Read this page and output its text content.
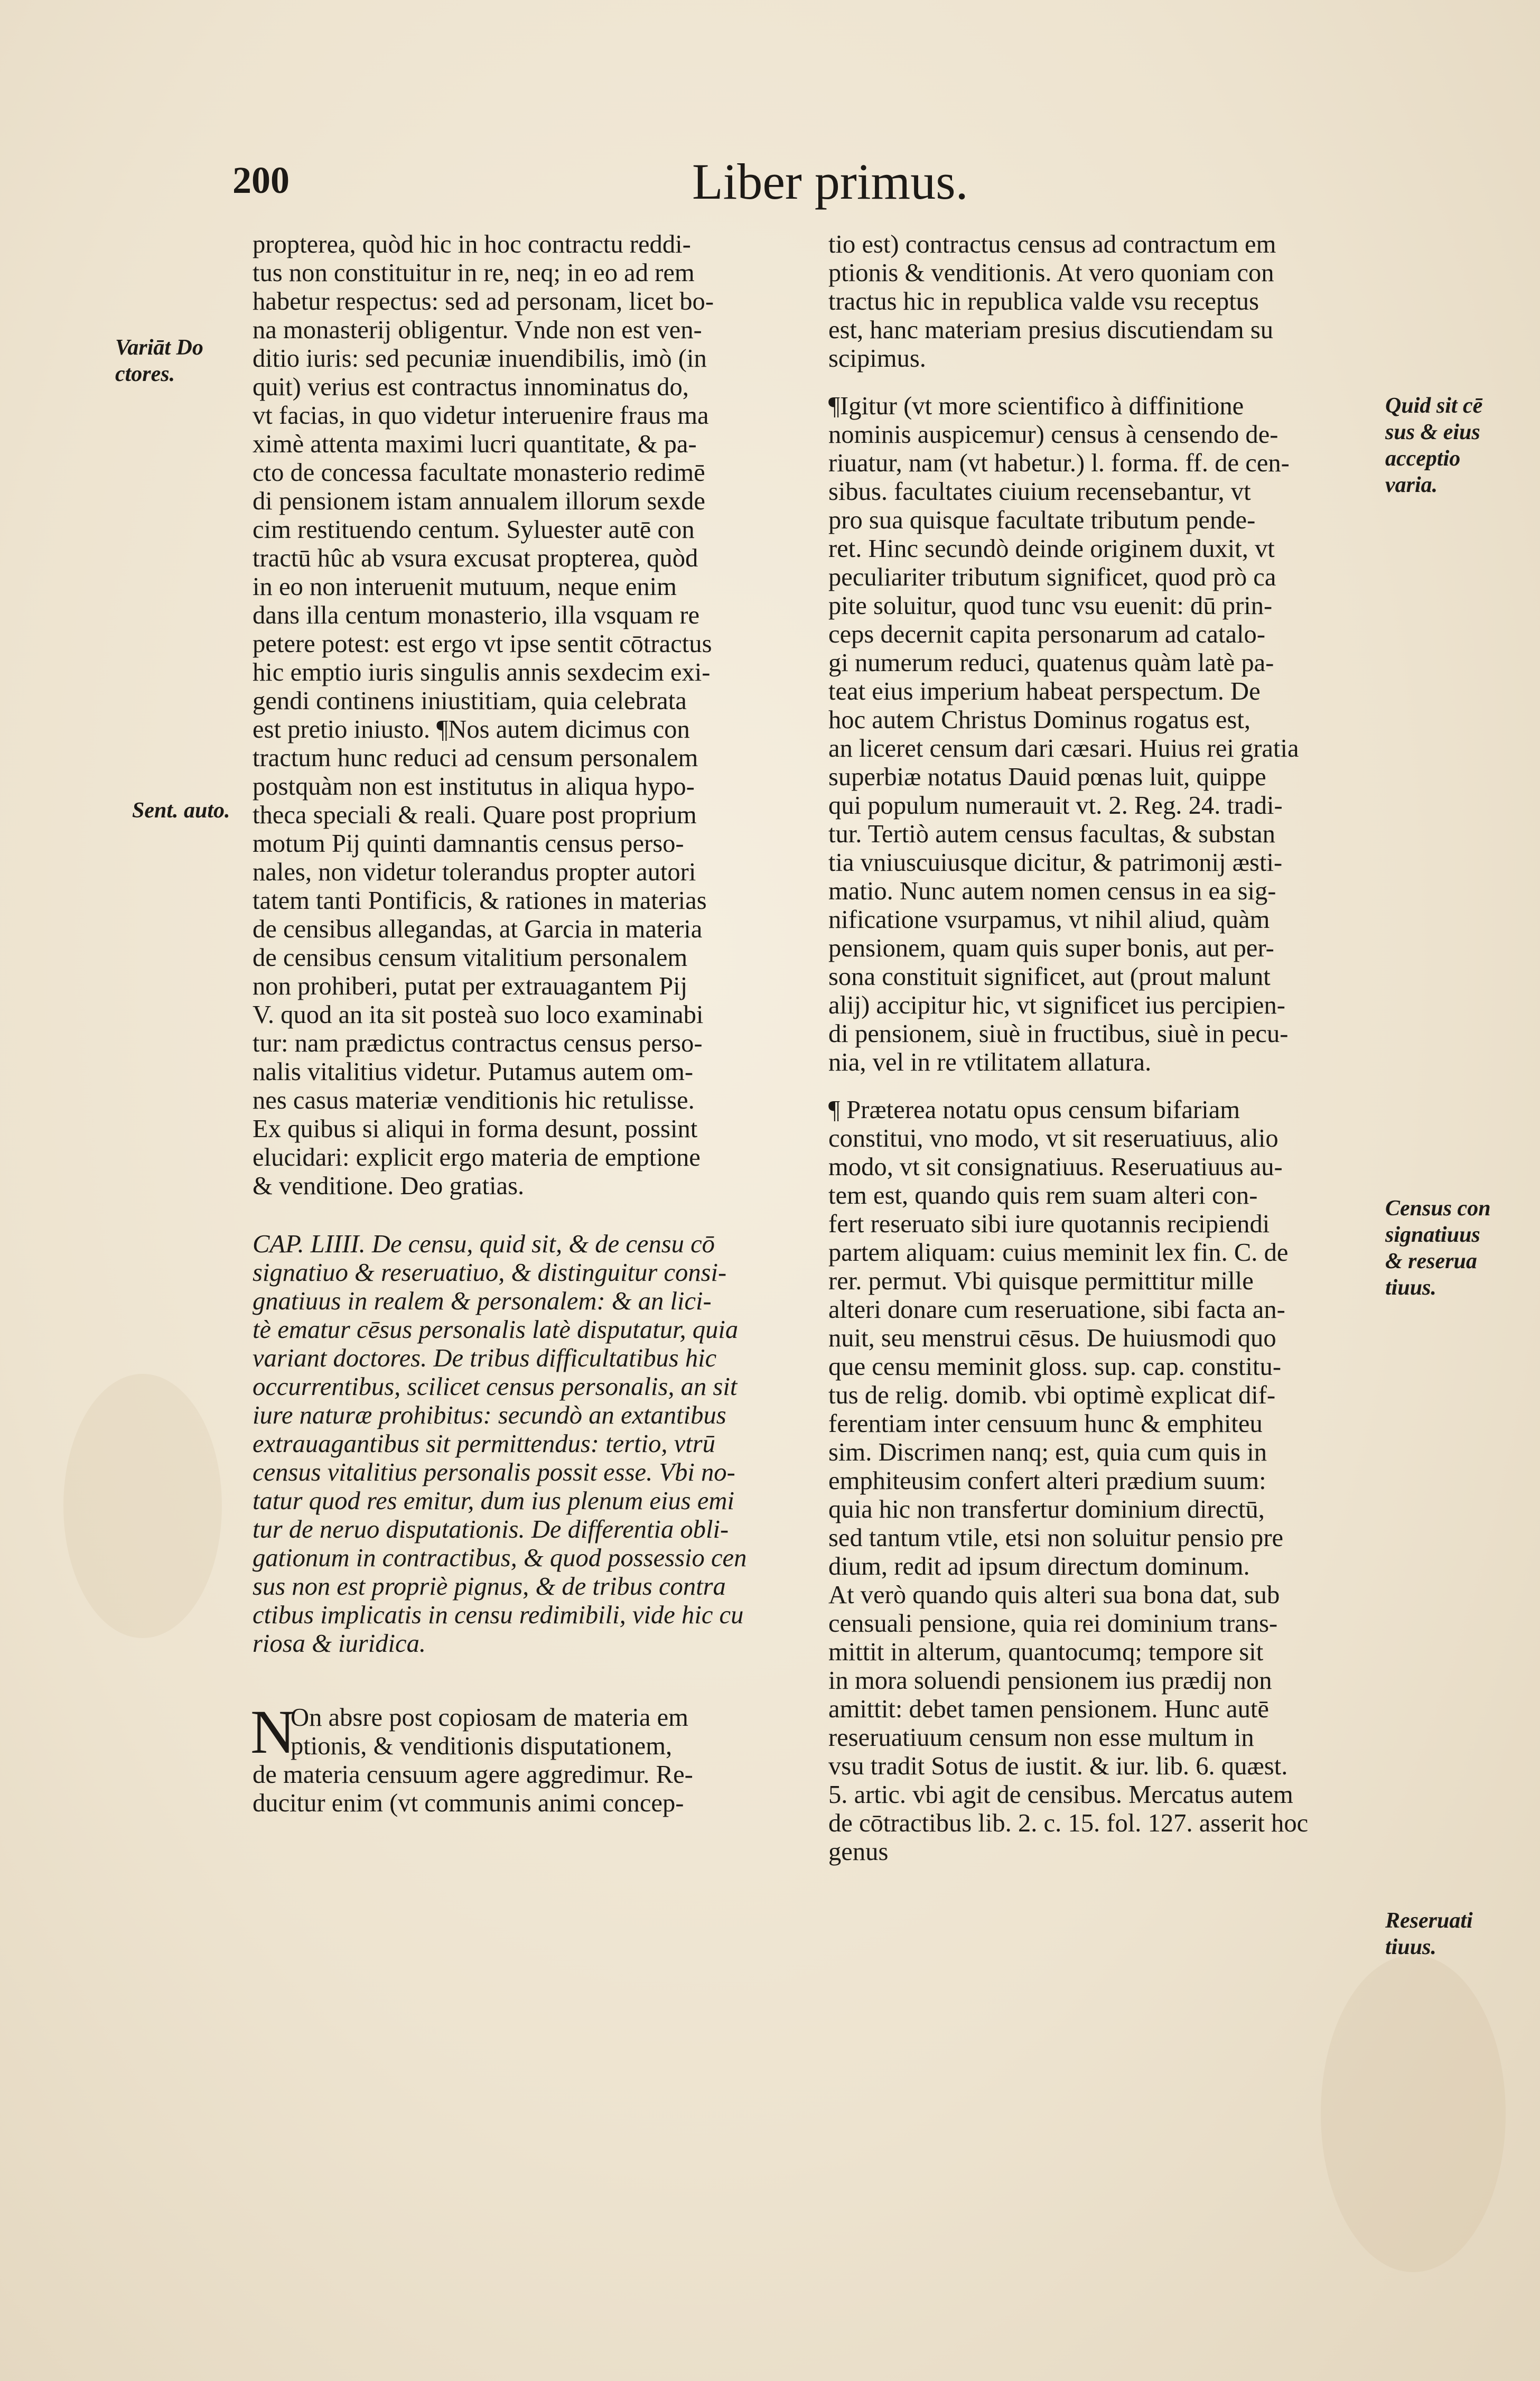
200	Liber primus.

propterea, quòd hic in hoc contractu reddi-

tus non constituitur in re, neq; in eo ad rem

habetur respectus: sed ad personam, licet bo-

na monasterij obligentur. Vnde non est ven-

ditio iuris: sed pecuniæ inuendibilis, imò (in

quit) verius est contractus innominatus do,

vt facias, in quo videtur interuenire fraus ma

ximè attenta maximi lucri quantitate, & pa-

cto de concessa facultate monasterio redimē

di pensionem istam annualem illorum sexde

cim restituendo centum. Syluester autē con

tractū hûc ab vsura excusat propterea, quòd

in eo non interuenit mutuum, neque enim

dans illa centum monasterio, illa vsquam re

petere potest: est ergo vt ipse sentit cōtractus

hic emptio iuris singulis annis sexdecim exi-

gendi continens iniustitiam, quia celebrata

est pretio iniusto. ¶Nos autem dicimus con

tractum hunc reduci ad censum personalem

postquàm non est institutus in aliqua hypo-

theca speciali & reali. Quare post proprium

motum Pij quinti damnantis census perso-

nales, non videtur tolerandus propter autori

tatem tanti Pontificis, & rationes in materias

de censibus allegandas, at Garcia in materia

de censibus censum vitalitium personalem

non prohiberi, putat per extrauagantem Pij

V. quod an ita sit posteà suo loco examinabi

tur: nam prædictus contractus census perso-

nalis vitalitius videtur. Putamus autem om-

nes casus materiæ venditionis hic retulisse.

Ex quibus si aliqui in forma desunt, possint

elucidari: explicit ergo materia de emptione

& venditione. Deo gratias.

CAP. LIIII. De censu, quid sit, & de censu cō

signatiuo & reseruatiuo, & distinguitur consi-

gnatiuus in realem & personalem: & an lici-

tè ematur cēsus personalis latè disputatur, quia

variant doctores. De tribus difficultatibus hic

occurrentibus, scilicet census personalis, an sit

iure naturæ prohibitus: secundò an extantibus

extrauagantibus sit permittendus: tertio, vtrū

census vitalitius personalis possit esse. Vbi no-

tatur quod res emitur, dum ius plenum eius emi

tur de neruo disputationis. De differentia obli-

gationum in contractibus, & quod possessio cen

sus non est propriè pignus, & de tribus contra

ctibus implicatis in censu redimibili, vide hic cu

riosa & iuridica.

N

On absre post copiosam de materia em

ptionis, & venditionis disputationem,

de materia censuum agere aggredimur. Re-

ducitur enim (vt communis animi concep-

tio est) contractus census ad contractum em

ptionis & venditionis. At vero quoniam con

tractus hic in republica valde vsu receptus

est, hanc materiam presius discutiendam su

scipimus.

¶Igitur (vt more scientifico à diffinitione

nominis auspicemur) census à censendo de-

riuatur, nam (vt habetur.) l. forma. ff. de cen-

sibus. facultates ciuium recensebantur, vt

pro sua quisque facultate tributum pende-

ret. Hinc secundò deinde originem duxit, vt

peculiariter tributum significet, quod prò ca

pite soluitur, quod tunc vsu euenit: dū prin-

ceps decernit capita personarum ad catalo-

gi numerum reduci, quatenus quàm latè pa-

teat eius imperium habeat perspectum. De

hoc autem Christus Dominus rogatus est,

an liceret censum dari cæsari. Huius rei gratia

superbiæ notatus Dauid pœnas luit, quippe

qui populum numerauit vt. 2. Reg. 24. tradi-

tur. Tertiò autem census facultas, & substan

tia vniuscuiusque dicitur, & patrimonij æsti-

matio. Nunc autem nomen census in ea sig-

nificatione vsurpamus, vt nihil aliud, quàm

pensionem, quam quis super bonis, aut per-

sona constituit significet, aut (prout malunt

alij) accipitur hic, vt significet ius percipien-

di pensionem, siuè in fructibus, siuè in pecu-

nia, vel in re vtilitatem allatura.

¶ Præterea notatu opus censum bifariam

constitui, vno modo, vt sit reseruatiuus, alio

modo, vt sit consignatiuus. Reseruatiuus au-

tem est, quando quis rem suam alteri con-

fert reseruato sibi iure quotannis recipiendi

partem aliquam: cuius meminit lex fin. C. de

rer. permut. Vbi quisque permittitur mille

alteri donare cum reseruatione, sibi facta an-

nuit, seu menstrui cēsus. De huiusmodi quo

que censu meminit gloss. sup. cap. constitu-

tus de relig. domib. vbi optimè explicat dif-

ferentiam inter censuum hunc & emphiteu

sim. Discrimen nanq; est, quia cum quis in

emphiteusim confert alteri prædium suum:

quia hic non transfertur dominium directū,

sed tantum vtile, etsi non soluitur pensio pre

dium, redit ad ipsum directum dominum.

At verò quando quis alteri sua bona dat, sub

censuali pensione, quia rei dominium trans-

mittit in alterum, quantocumq; tempore sit

in mora soluendi pensionem ius prædij non

amittit: debet tamen pensionem. Hunc autē

reseruatiuum censum non esse multum in

vsu tradit Sotus de iustit. & iur. lib. 6. quæst.

5. artic. vbi agit de censibus. Mercatus autem

de cōtractibus lib. 2. c. 15. fol. 127. asserit hoc

genus

Variāt Do
ctores.
Sent. auto.
Quid sit cē
sus & eius
acceptio
varia.
Census con
signatiuus
& reserua
tiuus.
Reseruati
tiuus.
